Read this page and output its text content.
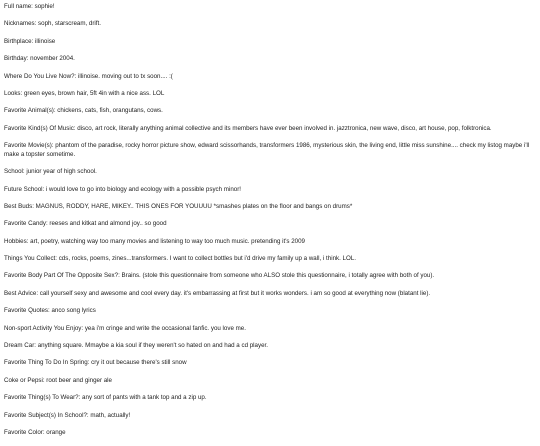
Full name: sophie!

Nicknames: soph, starscream, drift.

Birthplace: illinoise

Birthday: november 2004.

Where Do You Live Now?: illinoise. moving out to tx soon.... :(

Looks: green eyes, brown hair, 5ft 4in with a nice ass. LOL

Favorite Animal(s): chickens, cats, fish, orangutans, cows.

Favorite Kind(s) Of Music: disco, art rock, literally anything animal collective and its members have ever been involved in. jazztronica, new wave, disco, art house, pop, folktronica.

Favorite Movie(s): phantom of the paradise, rocky horror picture show, edward scissorhands, transformers 1986, mysterious skin, the living end, little miss sunshine.... check my listog maybe i'll make a topster sometime.

School: junior year of high school.

Future School: i would love to go into biology and ecology with a possible psych minor!

Best Buds: MAGNUS, RODDY, HARE, MIKEY.. THIS ONES FOR YOUUUU *smashes plates on the floor and bangs on drums*

Favorite Candy: reeses and kitkat and almond joy.. so good

Hobbies: art, poetry, watching way too many movies and listening to way too much music. pretending it's 2009

Things You Collect: cds, rocks, poems, zines...transformers. I want to collect bottles but i'd drive my family up a wall, i think. LOL.

Favorite Body Part Of The Opposite Sex?: Brains. (stole this questionnaire from someone who ALSO stole this questionnaire, i totally agree with both of you).

Best Advice: call yourself sexy and awesome and cool every day. it's embarrassing at first but it works wonders. i am so good at everything now (blatant lie).

Favorite Quotes: anco song lyrics

Non-sport Activity You Enjoy: yea i'm cringe and write the occasional fanfic. you love me.

Dream Car: anything square. Mmaybe a kia soul if they weren't so hated on and had a cd player.

Favorite Thing To Do In Spring: cry it out because there's still snow

Coke or Pepsi: root beer and ginger ale

Favorite Thing(s) To Wear?: any sort of pants with a tank top and a zip up.

Favorite Subject(s) In School?: math, actually!

Favorite Color: orange
